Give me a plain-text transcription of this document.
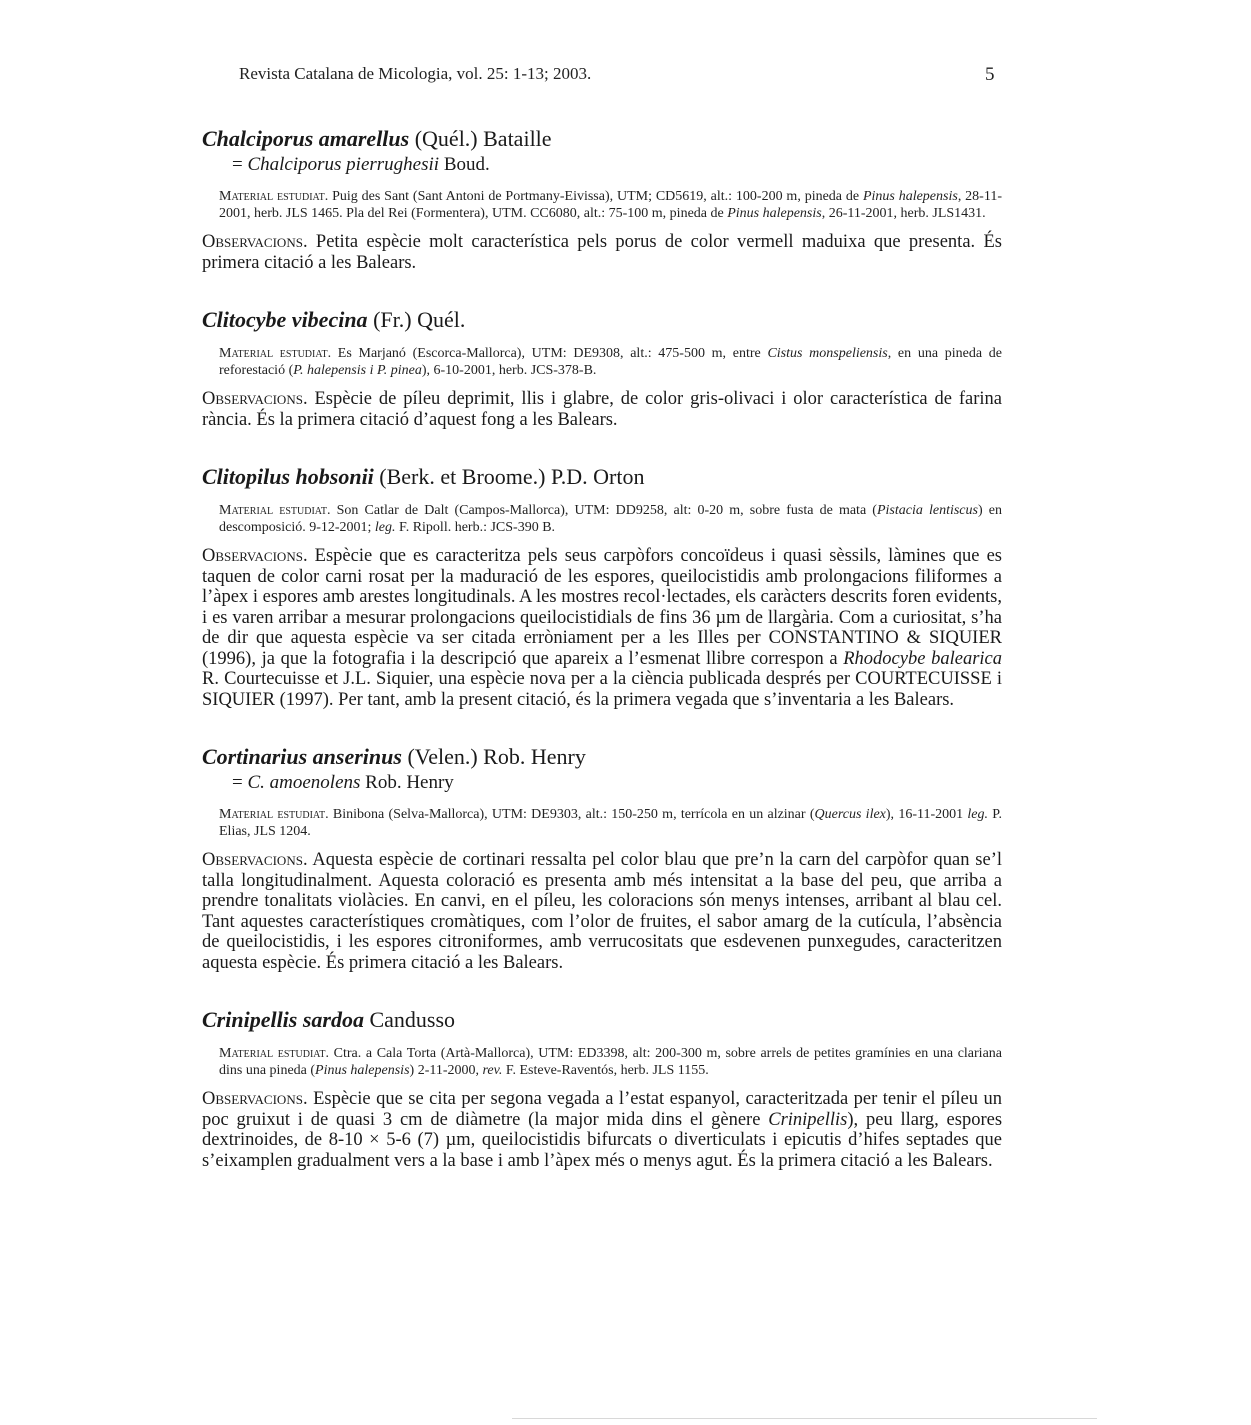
Revista Catalana de Micologia, vol. 25: 1-13; 2003.	5
Chalciporus amarellus (Quél.) Bataille
= Chalciporus pierrughesii Boud.
Material estudiat. Puig des Sant (Sant Antoni de Portmany-Eivissa), UTM; CD5619, alt.: 100-200 m, pineda de Pinus halepensis, 28-11-2001, herb. JLS 1465. Pla del Rei (Formentera), UTM. CC6080, alt.: 75-100 m, pineda de Pinus halepensis, 26-11-2001, herb. JLS1431.
Observacions. Petita espècie molt característica pels porus de color vermell maduixa que presenta. És primera citació a les Balears.
Clitocybe vibecina (Fr.) Quél.
Material estudiat. Es Marjanó (Escorca-Mallorca), UTM: DE9308, alt.: 475-500 m, entre Cistus monspeliensis, en una pineda de reforestació (P. halepensis i P. pinea), 6-10-2001, herb. JCS-378-B.
Observacions. Espècie de píleu deprimit, llis i glabre, de color gris-olivaci i olor característica de farina rància. És la primera citació d’aquest fong a les Balears.
Clitopilus hobsonii (Berk. et Broome.) P.D. Orton
Material estudiat. Son Catlar de Dalt (Campos-Mallorca), UTM: DD9258, alt: 0-20 m, sobre fusta de mata (Pistacia lentiscus) en descomposició. 9-12-2001; leg. F. Ripoll. herb.: JCS-390 B.
Observacions. Espècie que es caracteritza pels seus carpòfors concoïdeus i quasi sèssils, làmines que es taquen de color carni rosat per la maduració de les espores, queilocistidis amb prolongacions filiformes a l’àpex i espores amb arestes longitudinals. A les mostres recol·lectades, els caràcters descrits foren evidents, i es varen arribar a mesurar prolongacions queilocistidials de fins 36 µm de llargària. Com a curiositat, s’ha de dir que aquesta espècie va ser citada erròniament per a les Illes per CONSTANTINO & SIQUIER (1996), ja que la fotografia i la descripció que apareix a l’esmenat llibre correspon a Rhodocybe balearica R. Courtecuisse et J.L. Siquier, una espècie nova per a la ciència publicada després per COURTECUISSE i SIQUIER (1997). Per tant, amb la present citació, és la primera vegada que s’inventaria a les Balears.
Cortinarius anserinus (Velen.) Rob. Henry
= C. amoenolens Rob. Henry
Material estudiat. Binibona (Selva-Mallorca), UTM: DE9303, alt.: 150-250 m, terrícola en un alzinar (Quercus ilex), 16-11-2001 leg. P. Elias, JLS 1204.
Observacions. Aquesta espècie de cortinari ressalta pel color blau que pre’n la carn del carpòfor quan se’l talla longitudinalment. Aquesta coloració es presenta amb més intensitat a la base del peu, que arriba a prendre tonalitats violàcies. En canvi, en el píleu, les coloracions són menys intenses, arribant al blau cel. Tant aquestes característiques cromàtiques, com l’olor de fruites, el sabor amarg de la cutícula, l’absència de queilocistidis, i les espores citroniformes, amb verrucositats que esdevenen punxegudes, caracteritzen aquesta espècie. És primera citació a les Balears.
Crinipellis sardoa Candusso
Material estudiat. Ctra. a Cala Torta (Artà-Mallorca), UTM: ED3398, alt: 200-300 m, sobre arrels de petites gramínies en una clariana dins una pineda (Pinus halepensis) 2-11-2000, rev. F. Esteve-Raventós, herb. JLS 1155.
Observacions. Espècie que se cita per segona vegada a l’estat espanyol, caracteritzada per tenir el píleu un poc gruixut i de quasi 3 cm de diàmetre (la major mida dins el gènere Crinipellis), peu llarg, espores dextrinoides, de 8-10 × 5-6 (7) µm, queilocistidis bifurcats o diverticulats i epicutis d’hifes septades que s’eixamplen gradualment vers a la base i amb l’àpex més o menys agut. És la primera citació a les Balears.
